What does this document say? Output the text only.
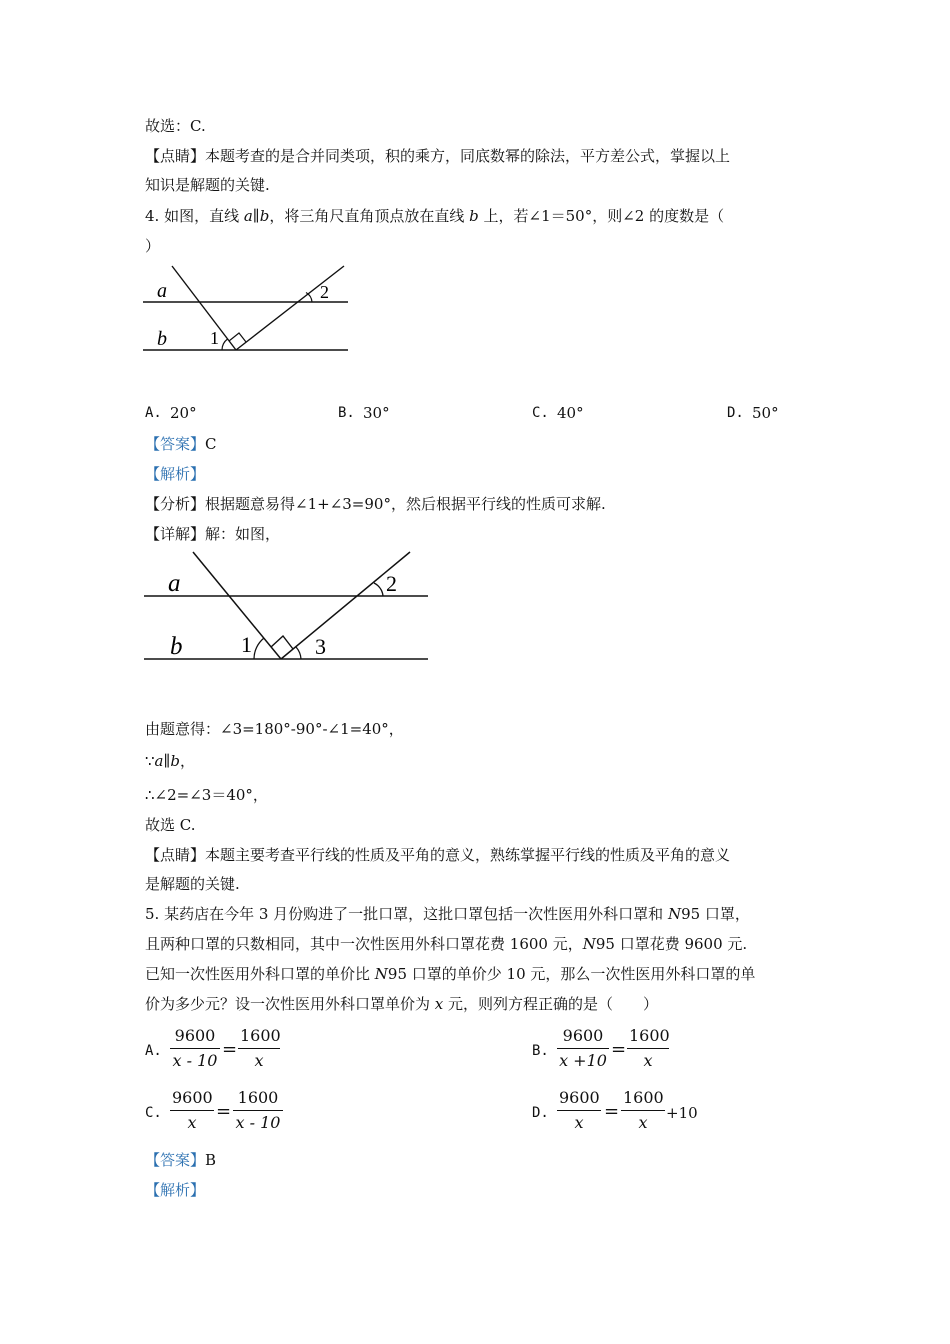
故选：C.
【点睛】本题考查的是合并同类项，积的乘方，同底数幂的除法，平方差公式，掌握以上
知识是解题的关键.
4. 如图，直线 a∥b，将三角尺直角顶点放在直线 b 上，若∠1＝50°，则∠2 的度数是（
）
a
b 1
2
A. 20°	B. 30°	C. 40°	D. 50°
【答案】C
【解析】
【分析】根据题意易得∠1+∠3=90°，然后根据平行线的性质可求解.
【详解】解：如图，
a
b	1	3
2
由题意得：∠3=180°-90°-∠1=40°，
∵a∥b，
∴∠2=∠3＝40°，
故选 C.
【点睛】本题主要考查平行线的性质及平角的意义，熟练掌握平行线的性质及平角的意义
是解题的关键.
5. 某药店在今年 3 月份购进了一批口罩，这批口罩包括一次性医用外科口罩和 N95 口罩，
且两种口罩的只数相同，其中一次性医用外科口罩花费 1600 元，N95 口罩花费 9600 元.
已知一次性医用外科口罩的单价比 N95 口罩的单价少 10 元，那么一次性医用外科口罩的单
价为多少元？设一次性医用外科口罩单价为 x 元，则列方程正确的是（　　）
A.
9600
x - 10
=
1600
x	B.
9600
x +10
=
1600
x
C.
9600
x
=
1600
x - 10	D.
9600
x
=
1600
x	+10
【答案】B
【解析】
